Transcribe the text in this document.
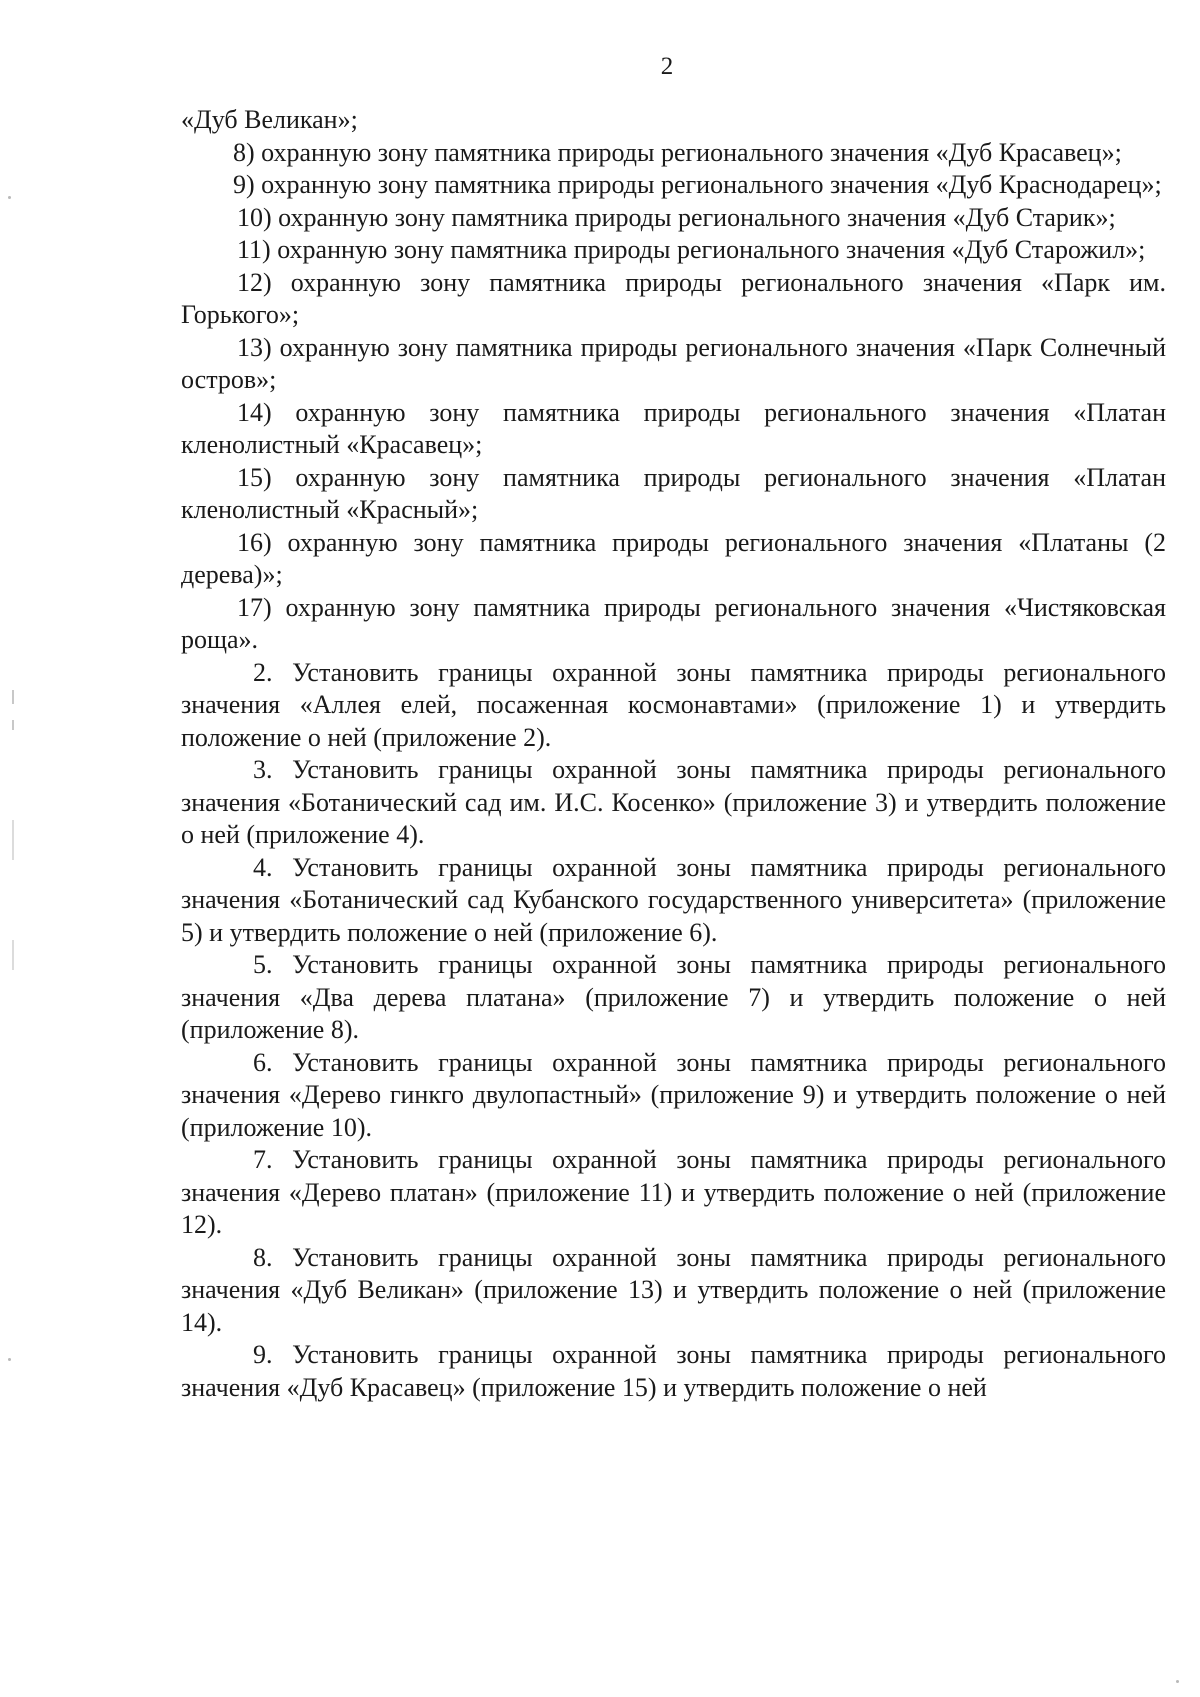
2

«Дуб Великан»;

8) охранную зону памятника природы регионального значения «Дуб Красавец»;

9) охранную зону памятника природы регионального значения «Дуб Краснодарец»;

10) охранную зону памятника природы регионального значения «Дуб Старик»;

11) охранную зону памятника природы регионального значения «Дуб Старожил»;

12) охранную зону памятника природы регионального значения «Парк им. Горького»;

13) охранную зону памятника природы регионального значения «Парк Солнечный остров»;

14) охранную зону памятника природы регионального значения «Платан кленолистный «Красавец»;

15) охранную зону памятника природы регионального значения «Платан кленолистный «Красный»;

16) охранную зону памятника природы регионального значения «Платаны (2 дерева)»;

17) охранную зону памятника природы регионального значения «Чистяковская роща».

2. Установить границы охранной зоны памятника природы регионального значения «Аллея елей, посаженная космонавтами» (приложение 1) и утвердить положение о ней (приложение 2).

3. Установить границы охранной зоны памятника природы регионального значения «Ботанический сад им. И.С. Косенко» (приложение 3) и утвердить положение о ней (приложение 4).

4. Установить границы охранной зоны памятника природы регионального значения «Ботанический сад Кубанского государственного университета» (приложение 5) и утвердить положение о ней (приложение 6).

5. Установить границы охранной зоны памятника природы регионального значения «Два дерева платана» (приложение 7) и утвердить положение о ней (приложение 8).

6. Установить границы охранной зоны памятника природы регионального значения «Дерево гинкго двулопастный» (приложение 9) и утвердить положение о ней (приложение 10).

7. Установить границы охранной зоны памятника природы регионального значения «Дерево платан» (приложение 11) и утвердить положение о ней (приложение 12).

8. Установить границы охранной зоны памятника природы регионального значения «Дуб Великан» (приложение 13) и утвердить положение о ней (приложение 14).

9. Установить границы охранной зоны памятника природы регионального значения «Дуб Красавец» (приложение 15) и утвердить положение о ней
